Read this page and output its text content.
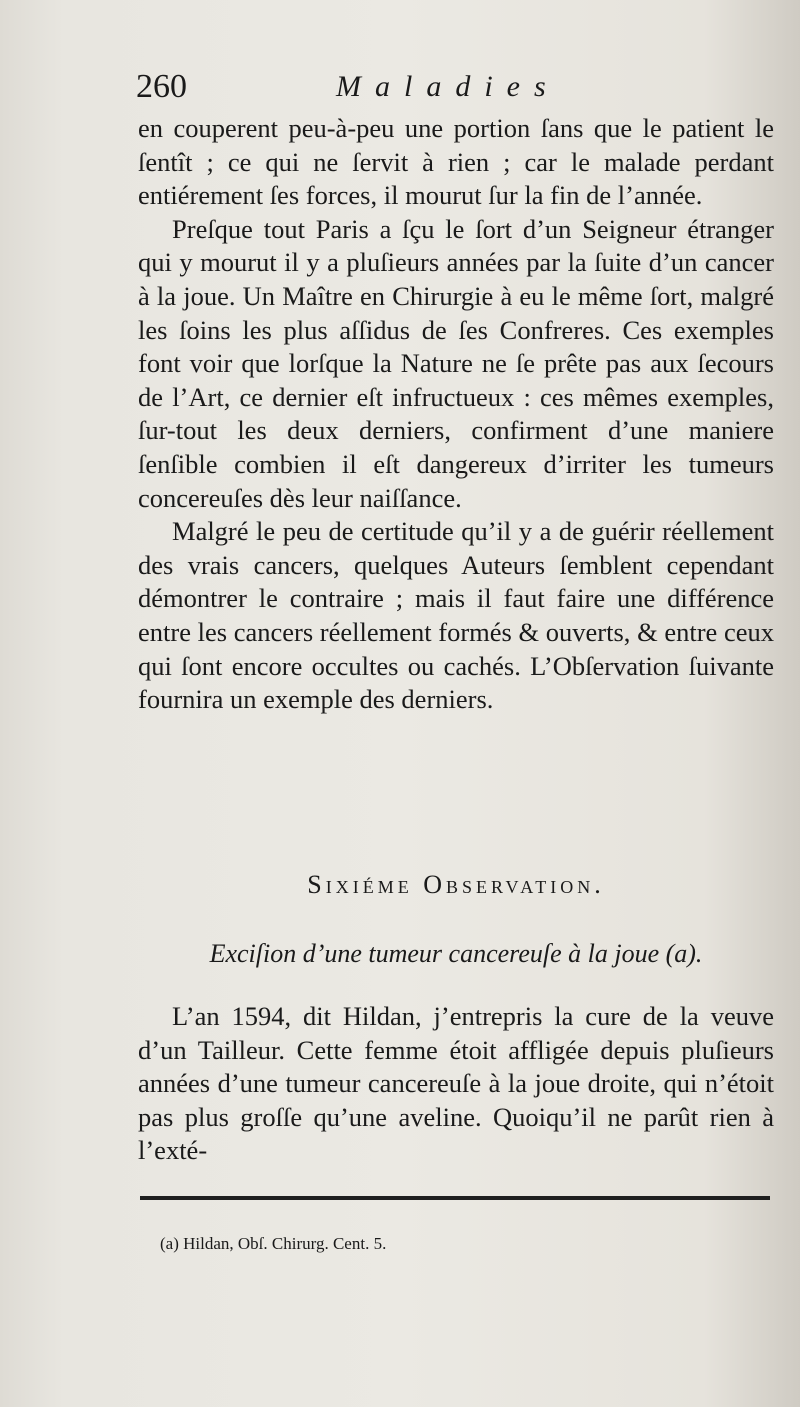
260	Maladies

en couperent peu-à-peu une portion ſans que le patient le ſentît ; ce qui ne ſervit à rien ; car le malade perdant entiérement ſes forces, il mourut ſur la fin de l’année.

Preſque tout Paris a ſçu le ſort d’un Seigneur étranger qui y mourut il y a pluſieurs années par la ſuite d’un cancer à la joue. Un Maître en Chirurgie à eu le même ſort, malgré les ſoins les plus aſſidus de ſes Confreres. Ces exemples font voir que lorſque la Nature ne ſe prête pas aux ſecours de l’Art, ce dernier eſt infructueux : ces mêmes exemples, ſur-tout les deux derniers, confirment d’une maniere ſenſible combien il eſt dangereux d’irriter les tumeurs concereuſes dès leur naiſſance.

Malgré le peu de certitude qu’il y a de guérir réellement des vrais cancers, quelques Auteurs ſemblent cependant démontrer le contraire ; mais il faut faire une différence entre les cancers réellement formés & ouverts, & entre ceux qui ſont encore occultes ou cachés. L’Obſervation ſuivante fournira un exemple des derniers.

Sixiéme Observation.
Exciſion d’une tumeur cancereuſe à la joue (a).

L’an 1594, dit Hildan, j’entrepris la cure de la veuve d’un Tailleur. Cette femme étoit affligée depuis pluſieurs années d’une tumeur cancereuſe à la joue droite, qui n’étoit pas plus groſſe qu’une aveline. Quoiqu’il ne parût rien à l’exté-

(a) Hildan, Obſ. Chirurg. Cent. 5.
